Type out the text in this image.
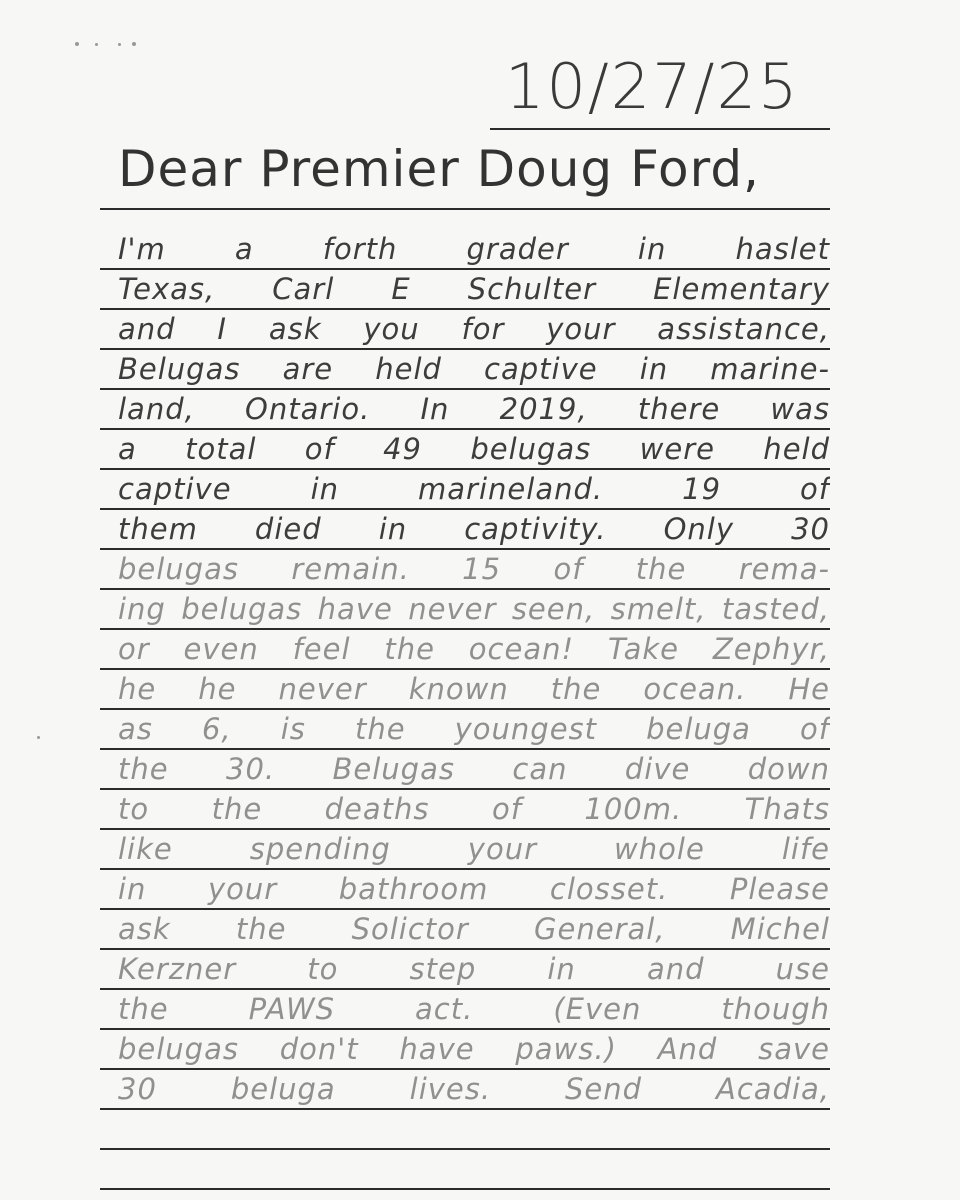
10/27/25
Dear Premier Doug Ford,
I'm a forth grader in haslet
Texas, Carl E Schulter Elementary
and I ask you for your assistance,
Belugas are held captive in marine-
land, Ontario. In 2019, there was
a total of 49 belugas were held
captive in marineland. 19 of
them died in captivity. Only 30
belugas remain. 15 of the rema-
ing belugas have never seen, smelt, tasted,
or even feel the ocean! Take Zephyr,
he he never known the ocean. He
as 6, is the youngest beluga of
the 30. Belugas can dive down
to the deaths of 100m. Thats
like spending your whole life
in your bathroom closset. Please
ask the Solictor General, Michel
Kerzner to step in and use
the PAWS act. (Even though
belugas don't have paws.) And save
30 beluga lives. Send Acadia,
